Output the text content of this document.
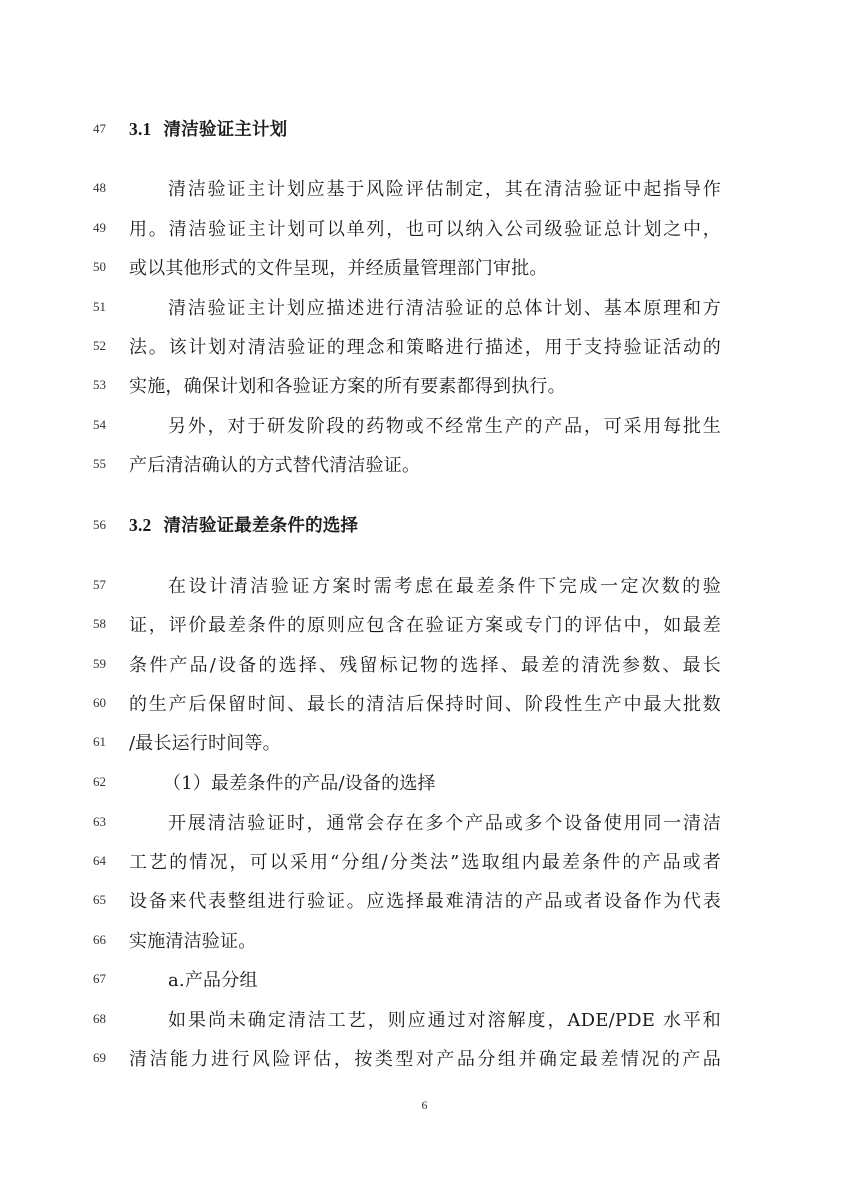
47 3.1 清洁验证主计划
48	清洁验证主计划应基于风险评估制定，其在清洁验证中起指导作
49 用。清洁验证主计划可以单列，也可以纳入公司级验证总计划之中，
50 或以其他形式的文件呈现，并经质量管理部门审批。
51	清洁验证主计划应描述进行清洁验证的总体计划、基本原理和方
52 法。该计划对清洁验证的理念和策略进行描述，用于支持验证活动的
53 实施，确保计划和各验证方案的所有要素都得到执行。
54	另外，对于研发阶段的药物或不经常生产的产品，可采用每批生
55 产后清洁确认的方式替代清洁验证。
56 3.2 清洁验证最差条件的选择
57	在设计清洁验证方案时需考虑在最差条件下完成一定次数的验
58 证，评价最差条件的原则应包含在验证方案或专门的评估中，如最差
59 条件产品/设备的选择、残留标记物的选择、最差的清洗参数、最长
60 的生产后保留时间、最长的清洁后保持时间、阶段性生产中最大批数
61 /最长运行时间等。
62	（1）最差条件的产品/设备的选择
63	开展清洁验证时，通常会存在多个产品或多个设备使用同一清洁
64 工艺的情况，可以采用“分组/分类法”选取组内最差条件的产品或者
65 设备来代表整组进行验证。应选择最难清洁的产品或者设备作为代表
66 实施清洁验证。
67	a.产品分组
68	如果尚未确定清洁工艺，则应通过对溶解度，ADE/PDE 水平和
69 清洁能力进行风险评估，按类型对产品分组并确定最差情况的产品
6
